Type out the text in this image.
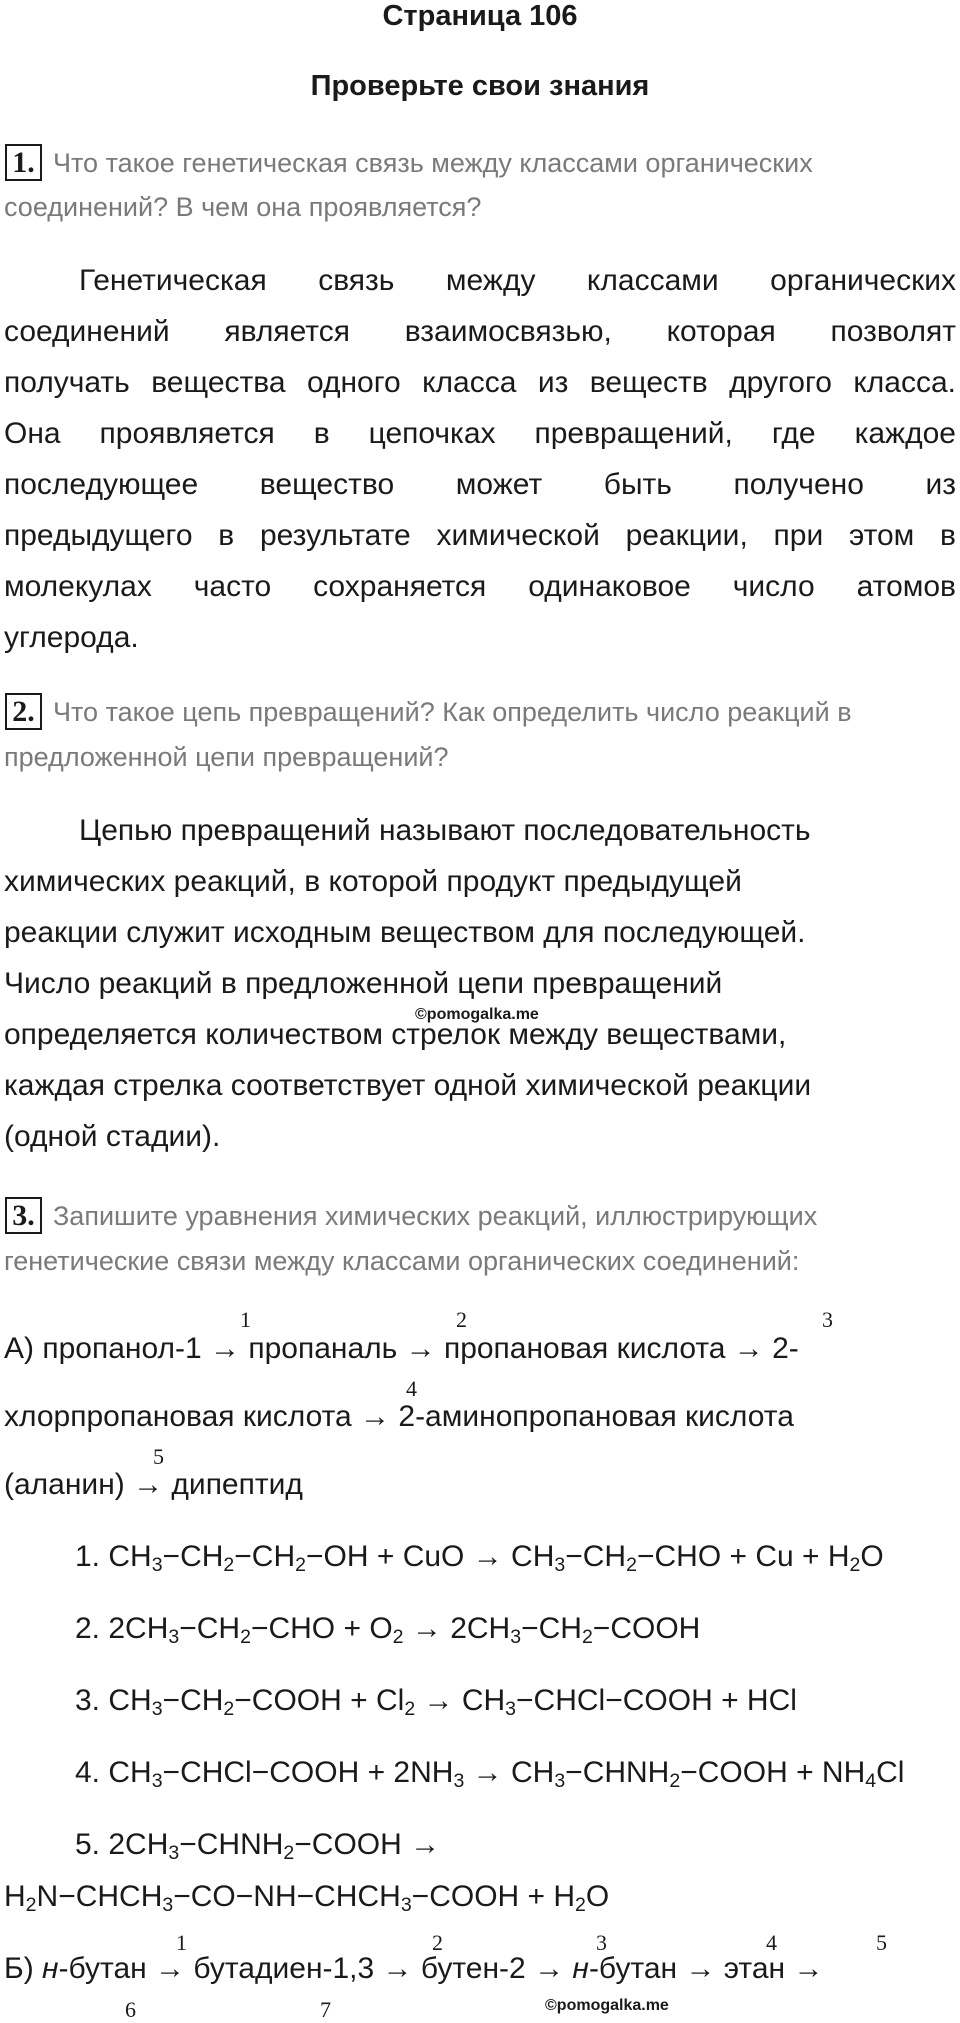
Страница 106
Проверьте свои знания
1. Что такое генетическая связь между классами органических
соединений? В чем она проявляется?
Генетическая связь между классами органических
соединений является взаимосвязью, которая позволят
получать вещества одного класса из веществ другого класса.
Она проявляется в цепочках превращений, где каждое
последующее вещество может быть получено из
предыдущего в результате химической реакции, при этом в
молекулах часто сохраняется одинаковое число атомов
углерода.
2. Что такое цепь превращений? Как определить число реакций в
предложенной цепи превращений?
Цепью превращений называют последовательность
химических реакций, в которой продукт предыдущей
реакции служит исходным веществом для последующей.
Число реакций в предложенной цепи превращений
определяется количеством стрелок между веществами,
каждая стрелка соответствует одной химической реакции
(одной стадии).
©pomogalka.me
3. Запишите уравнения химических реакций, иллюстрирующих
генетические связи между классами органических соединений:
А) пропанол-1 → пропаналь → пропановая кислота → 2-
1	2	3
хлорпропановая кислота → 2-аминопропановая кислота
4
(аланин) → дипептид
5
1. $CH_3-CH_2-CH_2-OH$ + CuO → $CH_3-CH_2-CHO + Cu + H_2O$
2. $2CH_3-CH_2-CHO + O_2$ → $2CH_3-CH_2-COOH$
3. $CH_3-CH_2-COOH + Cl_2$ → $CH_3-CHCl-COOH$ + HCl
4. $CH_3-CHCl-COOH + 2NH_3$ → $CH_3-CHNH_2-COOH + NH_4Cl$
5. $2CH_3-CHNH_2-COOH$ →
$H_2N-CHCH_3-CO-NH-CHCH_3-COOH + H_2O$
Б) н-бутан → бутадиен-1,3 → бутен-2 → н-бутан → этан →
1	2	3	4	5
6	7	©pomogalka.me
